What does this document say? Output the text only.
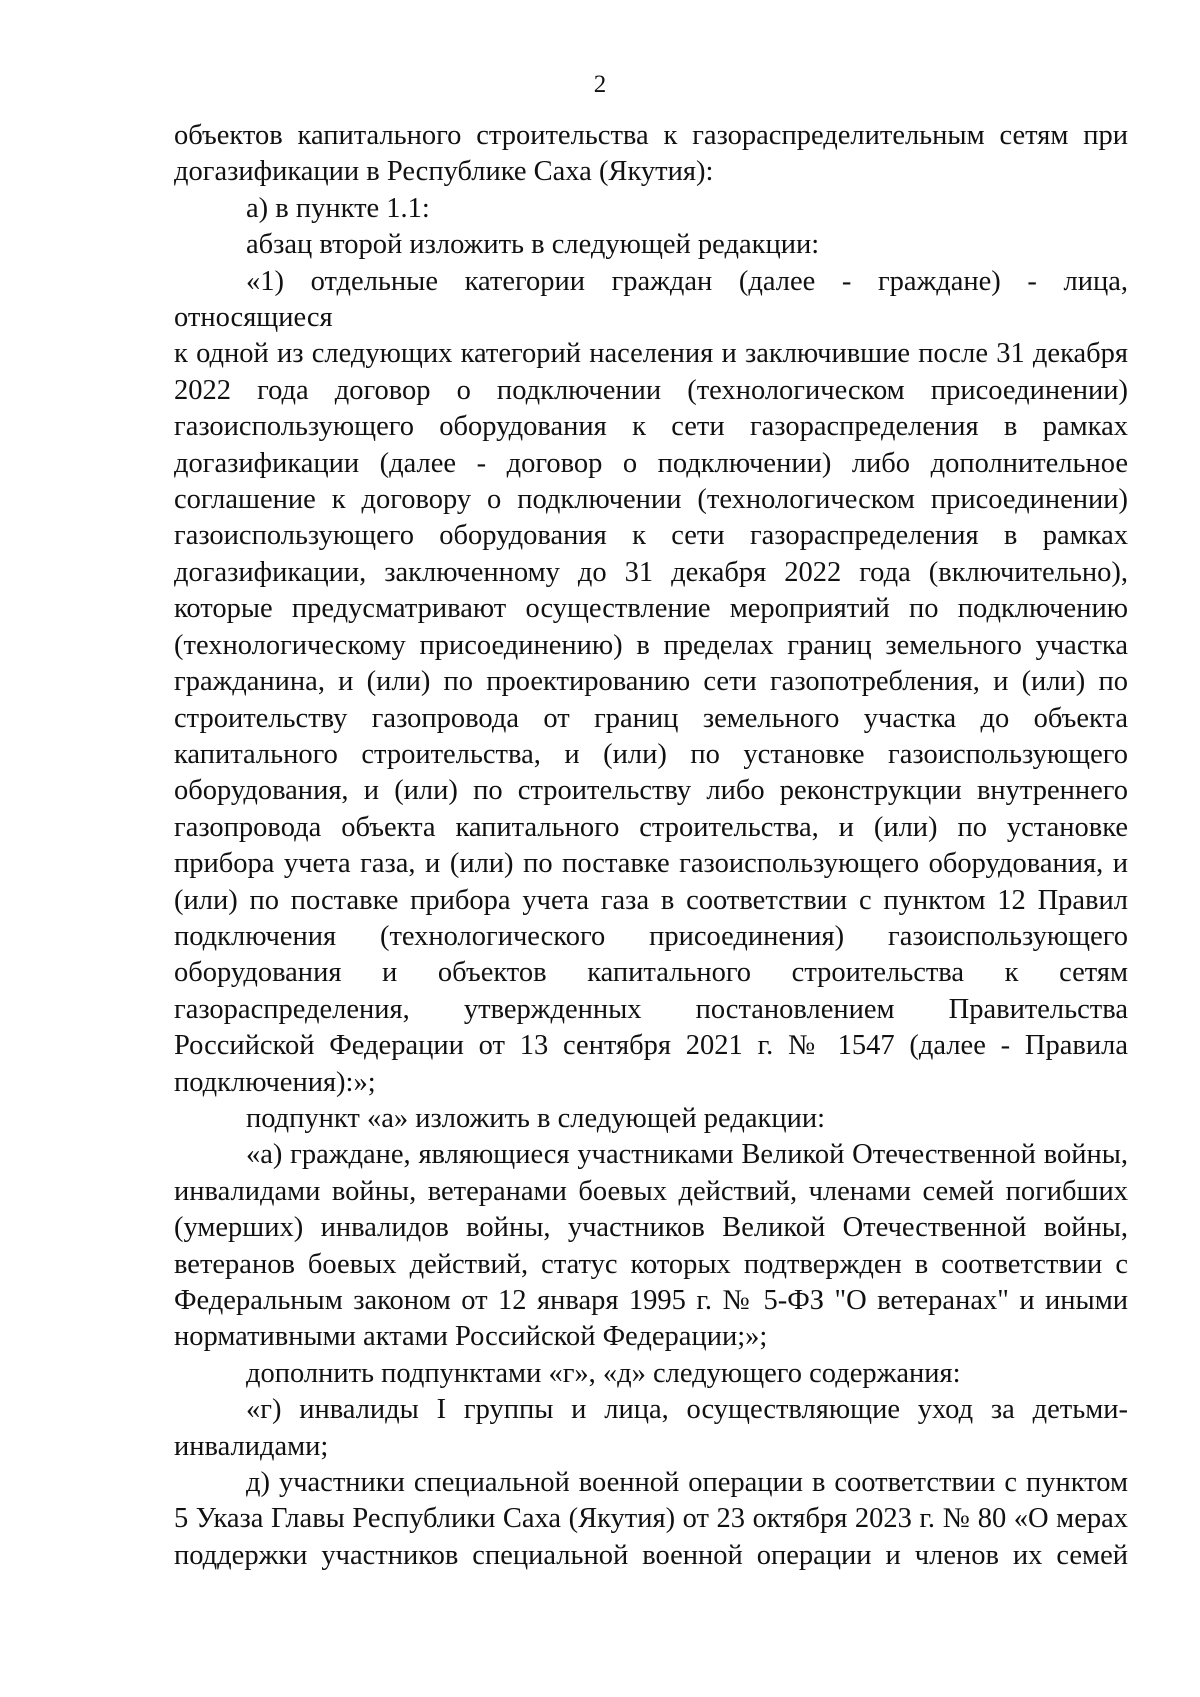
2

объектов капитального строительства к газораспределительным сетям при

догазификации в Республике Саха (Якутия):

а) в пункте 1.1:

абзац второй изложить в следующей редакции:

«1) отдельные категории граждан (далее - граждане) - лица, относящиеся

к одной из следующих категорий населения и заключившие после 31 декабря

2022 года договор о подключении (технологическом присоединении)

газоиспользующего оборудования к сети газораспределения в рамках

догазификации (далее - договор о подключении) либо дополнительное

соглашение к договору о подключении (технологическом присоединении)

газоиспользующего оборудования к сети газораспределения в рамках

догазификации, заключенному до 31 декабря 2022 года (включительно),

которые предусматривают осуществление мероприятий по подключению

(технологическому присоединению) в пределах границ земельного участка

гражданина, и (или) по проектированию сети газопотребления, и (или) по

строительству газопровода от границ земельного участка до объекта

капитального строительства, и (или) по установке газоиспользующего

оборудования, и (или) по строительству либо реконструкции внутреннего

газопровода объекта капитального строительства, и (или) по установке

прибора учета газа, и (или) по поставке газоиспользующего оборудования, и

(или) по поставке прибора учета газа в соответствии с пунктом 12 Правил

подключения (технологического присоединения) газоиспользующего

оборудования и объектов капитального строительства к сетям

газораспределения, утвержденных постановлением Правительства

Российской Федерации от 13 сентября 2021 г. № 1547 (далее - Правила

подключения):»;

подпункт «а» изложить в следующей редакции:

«а) граждане, являющиеся участниками Великой Отечественной войны,

инвалидами войны, ветеранами боевых действий, членами семей погибших

(умерших) инвалидов войны, участников Великой Отечественной войны,

ветеранов боевых действий, статус которых подтвержден в соответствии с

Федеральным законом от 12 января 1995 г. № 5-ФЗ "О ветеранах" и иными

нормативными актами Российской Федерации;»;

дополнить подпунктами «г», «д» следующего содержания:

«г) инвалиды I группы и лица, осуществляющие уход за детьми-

инвалидами;

д) участники специальной военной операции в соответствии с пунктом

5 Указа Главы Республики Саха (Якутия) от 23 октября 2023 г. № 80 «О мерах

поддержки участников специальной военной операции и членов их семей
